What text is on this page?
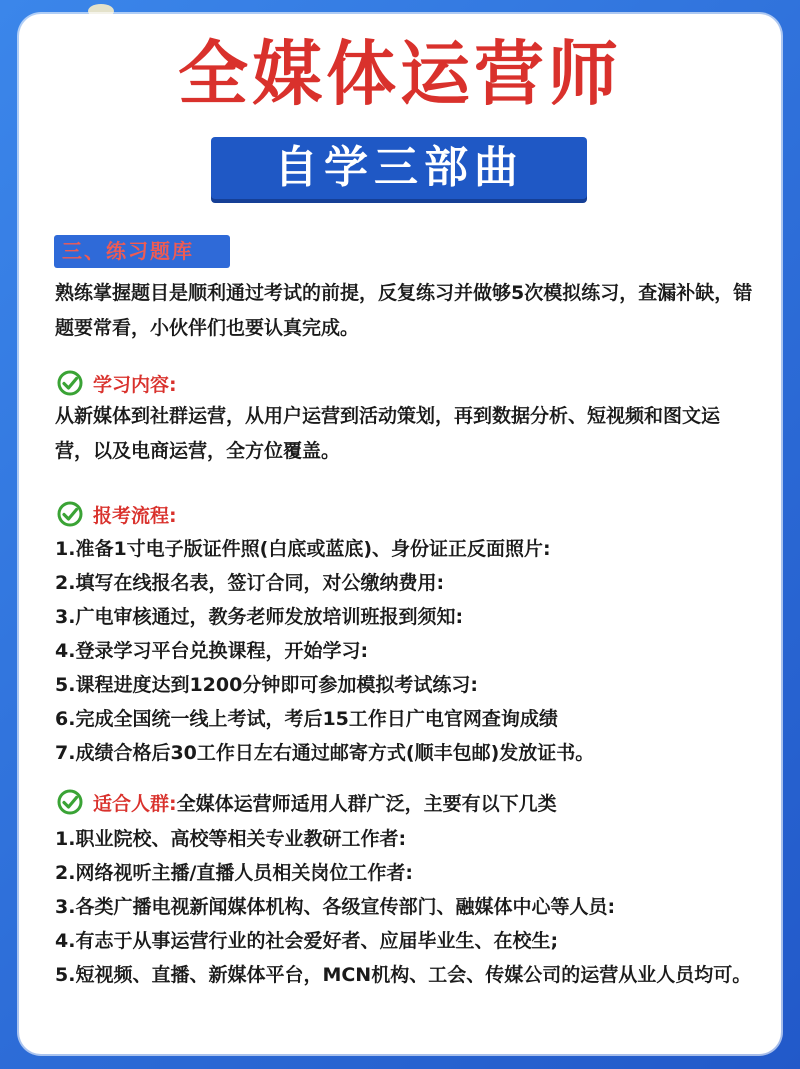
全媒体运营师
自学三部曲
三、练习题库
熟练掌握题目是顺利通过考试的前提，反复练习并做够5次模拟练习，查漏补缺，错题要常看，小伙伴们也要认真完成。
学习内容:
从新媒体到社群运营，从用户运营到活动策划，再到数据分析、短视频和图文运营，以及电商运营，全方位覆盖。
报考流程:
1.准备1寸电子版证件照(白底或蓝底)、身份证正反面照片:
2.填写在线报名表，签订合同，对公缴纳费用:
3.广电审核通过，教务老师发放培训班报到须知:
4.登录学习平台兑换课程，开始学习:
5.课程进度达到1200分钟即可参加模拟考试练习:
6.完成全国统一线上考试，考后15工作日广电官网查询成绩
7.成绩合格后30工作日左右通过邮寄方式(顺丰包邮)发放证书。
适合人群: 全媒体运营师适用人群广泛，主要有以下几类
1.职业院校、高校等相关专业教研工作者:
2.网络视听主播/直播人员相关岗位工作者:
3.各类广播电视新闻媒体机构、各级宣传部门、融媒体中心等人员:
4.有志于从事运营行业的社会爱好者、应届毕业生、在校生;
5.短视频、直播、新媒体平台，MCN机构、工会、传媒公司的运营从业人员均可。
